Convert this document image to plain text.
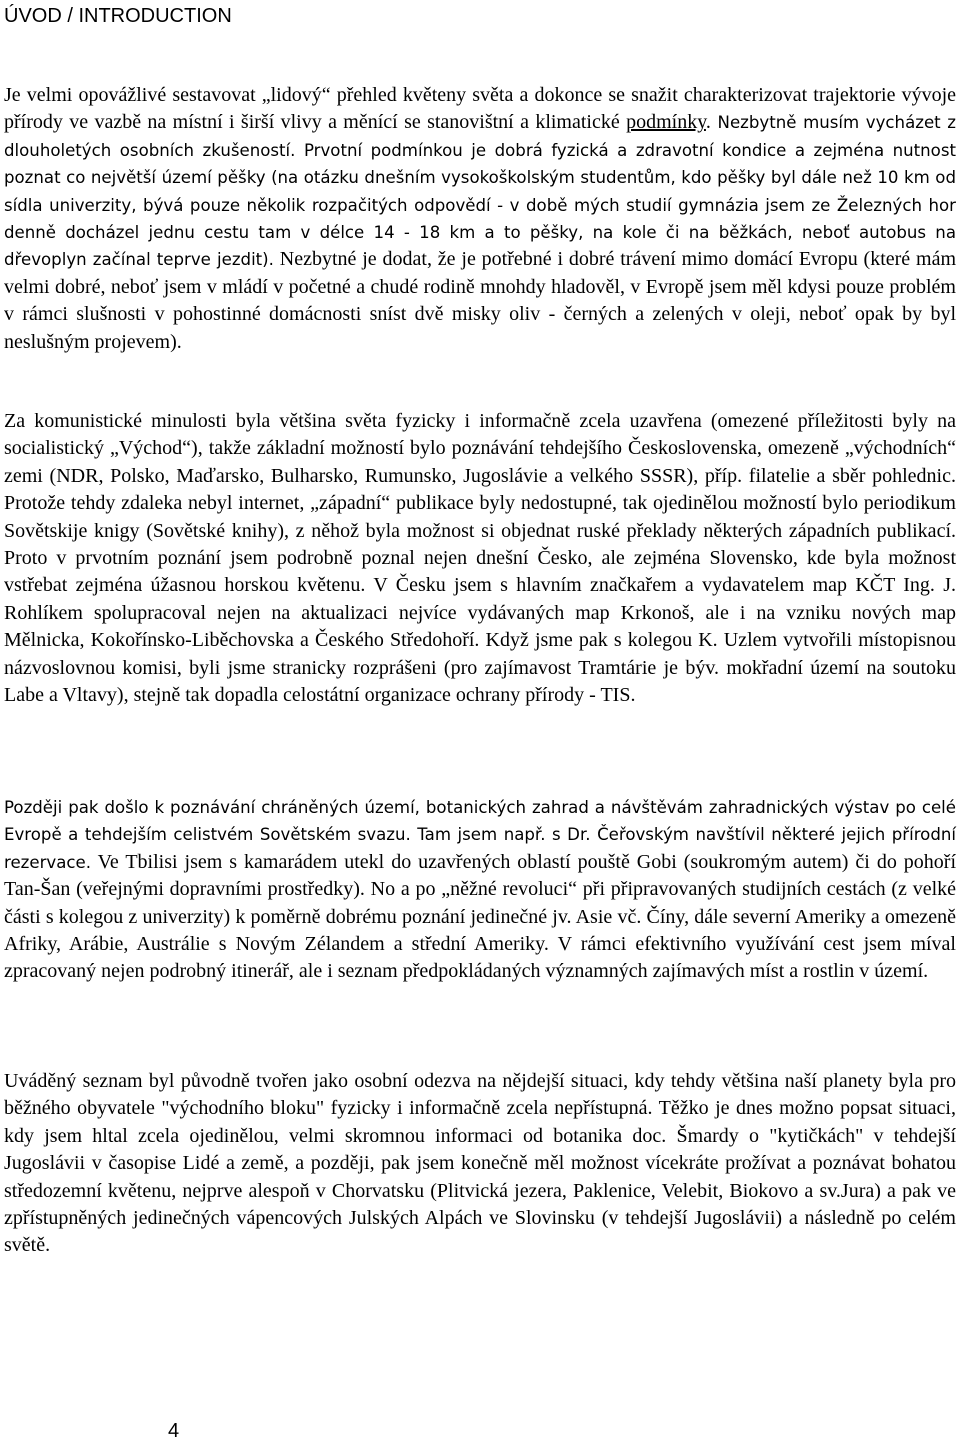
ÚVOD / INTRODUCTION

Je velmi opovážlivé sestavovat „lidový“ přehled květeny světa a dokonce se snažit charakterizovat trajektorie vývoje přírody ve vazbě na místní i širší vlivy a měnící se stanovištní a klimatické podmínky. Nezbytně musím vycházet z dlouholetých osobních zkušeností. Prvotní podmínkou je dobrá fyzická a zdravotní kondice a zejména nutnost poznat co největší území pěšky (na otázku dnešním vysokoškolským studentům, kdo pěšky byl dále než 10 km od sídla univerzity, bývá pouze několik rozpačitých odpovědí - v době mých studií gymnázia jsem ze Železných hor denně docházel jednu cestu tam v délce 14 - 18 km a to pěšky, na kole či na běžkách, neboť autobus na dřevoplyn začínal teprve jezdit). Nezbytné je dodat, že je potřebné i dobré trávení mimo domácí Evropu (které mám velmi dobré, neboť jsem v mládí v početné a chudé rodině mnohdy hladověl, v Evropě jsem měl kdysi pouze problém v rámci slušnosti v pohostinné domácnosti sníst dvě misky oliv - černých a zelených v oleji, neboť opak by byl neslušným projevem).

Za komunistické minulosti byla většina světa fyzicky i informačně zcela uzavřena (omezené příležitosti byly na socialistický „Východ“), takže základní možností bylo poznávání tehdejšího Československa, omezeně „východních“ zemi (NDR, Polsko, Maďarsko, Bulharsko, Rumunsko, Jugoslávie a velkého SSSR), příp. filatelie a sběr pohlednic. Protože tehdy zdaleka nebyl internet, „západní“ publikace byly nedostupné, tak ojedinělou možností bylo periodikum Sovětskije knigy (Sovětské knihy), z něhož byla možnost si objednat ruské překlady některých západních publikací. Proto v prvotním poznání jsem podrobně poznal nejen dnešní Česko, ale zejména Slovensko, kde byla možnost vstřebat zejména úžasnou horskou květenu. V Česku jsem s hlavním značkařem a vydavatelem map KČT Ing. J. Rohlíkem spolupracoval nejen na aktualizaci nejvíce vydávaných map Krkonoš, ale i na vzniku nových map Mělnicka, Kokořínsko-Liběchovska a Českého Středohoří. Když jsme pak s kolegou K. Uzlem vytvořili místopisnou názvoslovnou komisi, byli jsme stranicky rozprášeni (pro zajímavost Tramtárie je býv. mokřadní území na soutoku Labe a Vltavy), stejně tak dopadla celostátní organizace ochrany přírody - TIS.

Později pak došlo k poznávání chráněných území, botanických zahrad a návštěvám zahradnických výstav po celé Evropě a tehdejším celistvém Sovětském svazu. Tam jsem např. s Dr. Čeřovským navštívil některé jejich přírodní rezervace. Ve Tbilisi jsem s kamarádem utekl do uzavřených oblastí pouště Gobi (soukromým autem) či do pohoří Tan-Šan (veřejnými dopravními prostředky). No a po „něžné revoluci“ při připravovaných studijních cestách (z velké části s kolegou z univerzity) k poměrně dobrému poznání jedinečné jv. Asie vč. Číny, dále severní Ameriky a omezeně Afriky, Arábie, Austrálie s Novým Zélandem a střední Ameriky. V rámci efektivního využívání cest jsem míval zpracovaný nejen podrobný itinerář, ale i seznam předpokládaných významných zajímavých míst a rostlin v území.

Uváděný seznam byl původně tvořen jako osobní odezva na nějdejší situaci, kdy tehdy většina naší planety byla pro běžného obyvatele "východního bloku" fyzicky i informačně zcela nepřístupná. Těžko je dnes možno popsat situaci, kdy jsem hltal zcela ojedinělou, velmi skromnou informaci od botanika doc. Šmardy o "kytičkách" v tehdejší Jugoslávii v časopise Lidé a země, a později, pak jsem konečně měl možnost vícekráte prožívat a poznávat bohatou středozemní květenu, nejprve alespoň v Chorvatsku (Plitvická jezera, Paklenice, Velebit, Biokovo a sv.Jura) a pak ve zpřístupněných jedinečných vápencových Julských Alpách ve Slovinsku (v tehdejší Jugoslávii) a následně po celém světě.

4
